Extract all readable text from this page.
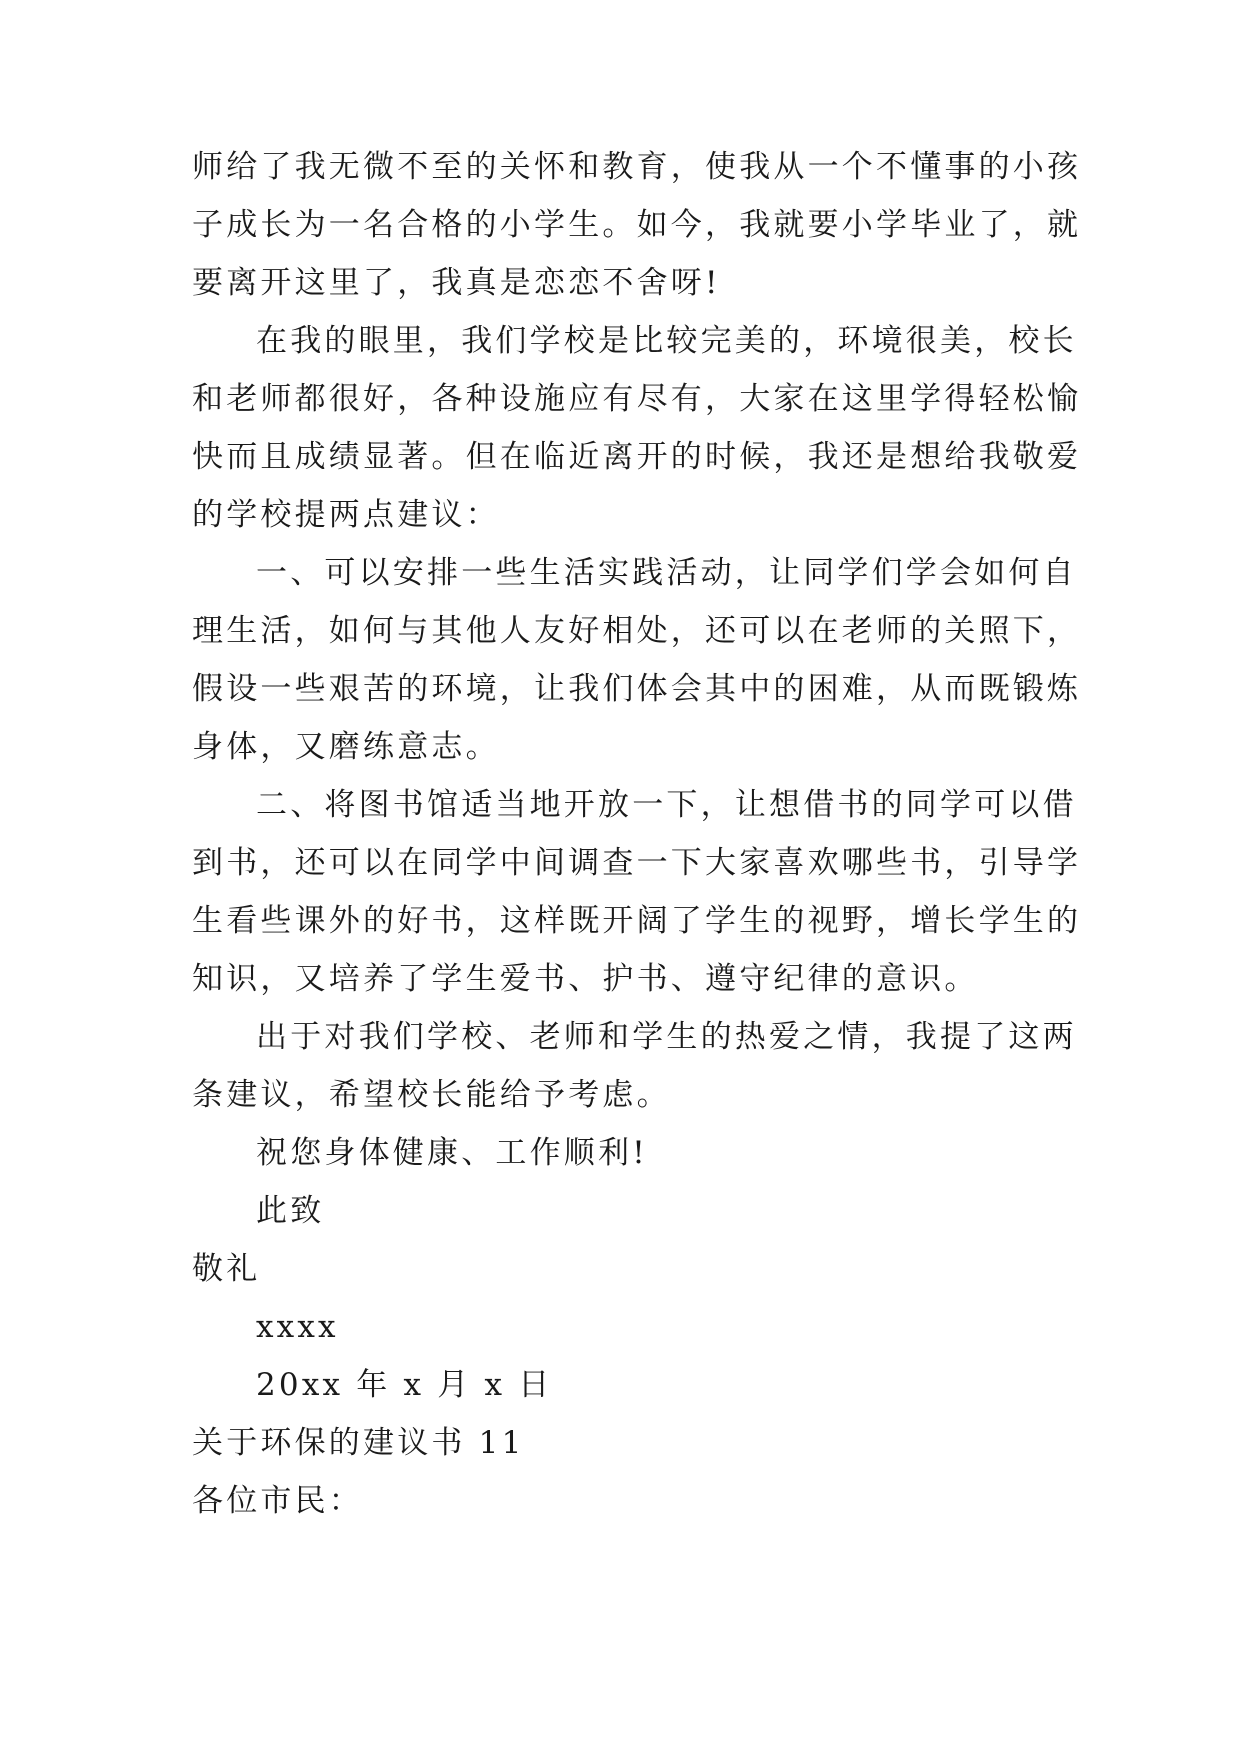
师给了我无微不至的关怀和教育，使我从一个不懂事的小孩
子成长为一名合格的小学生。如今，我就要小学毕业了，就
要离开这里了，我真是恋恋不舍呀!
在我的眼里，我们学校是比较完美的，环境很美，校长
和老师都很好，各种设施应有尽有，大家在这里学得轻松愉
快而且成绩显著。但在临近离开的时候，我还是想给我敬爱
的学校提两点建议：
一、可以安排一些生活实践活动，让同学们学会如何自
理生活，如何与其他人友好相处，还可以在老师的关照下，
假设一些艰苦的环境，让我们体会其中的困难，从而既锻炼
身体，又磨练意志。
二、将图书馆适当地开放一下，让想借书的同学可以借
到书，还可以在同学中间调查一下大家喜欢哪些书，引导学
生看些课外的好书，这样既开阔了学生的视野，增长学生的
知识，又培养了学生爱书、护书、遵守纪律的意识。
出于对我们学校、老师和学生的热爱之情，我提了这两
条建议，希望校长能给予考虑。
祝您身体健康、工作顺利!
此致
敬礼
xxxx
20xx 年 x 月 x 日
关于环保的建议书 11
各位市民：
